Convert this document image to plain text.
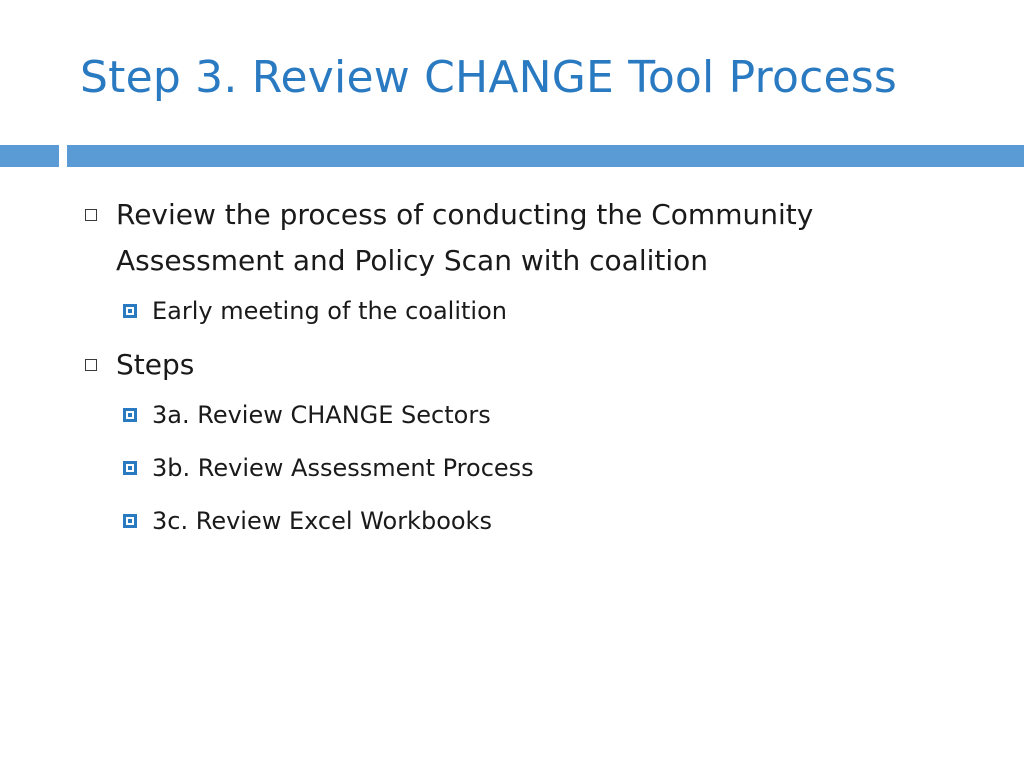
Step 3. Review CHANGE Tool Process
Review the process of conducting the Community
Assessment and Policy Scan with coalition
Early meeting of the coalition
Steps
3a. Review CHANGE Sectors
3b. Review Assessment Process
3c. Review Excel Workbooks
